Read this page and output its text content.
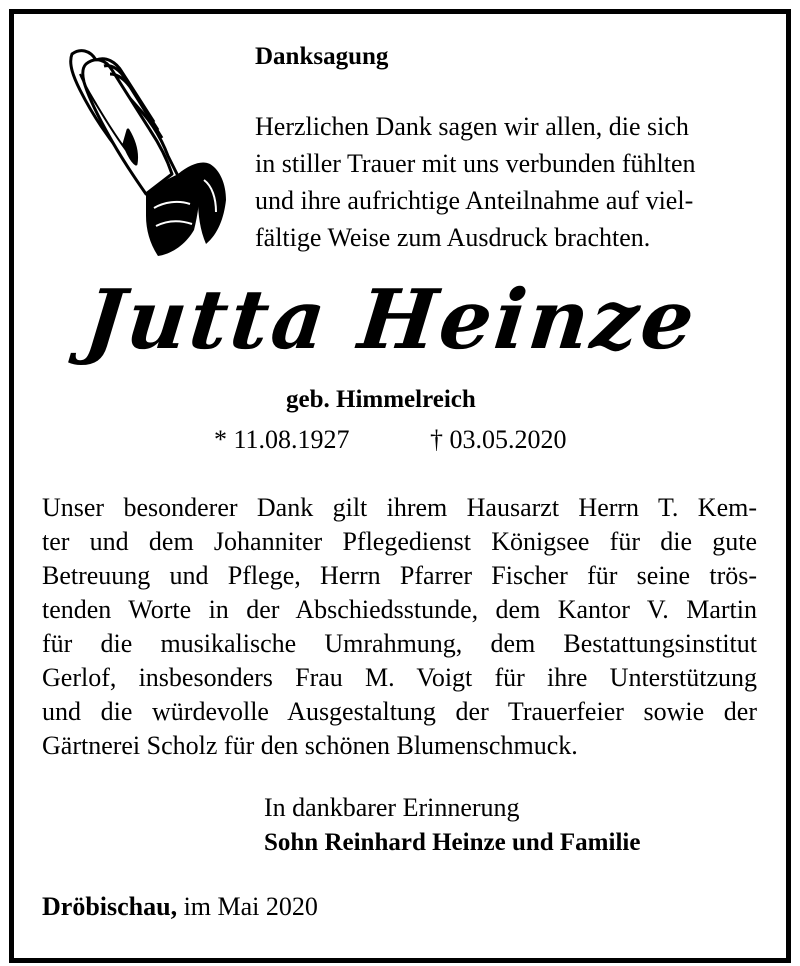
Danksagung
Herzlichen Dank sagen wir allen, die sich
in stiller Trauer mit uns verbunden fühlten
und ihre aufrichtige Anteilnahme auf viel-
fältige Weise zum Ausdruck brachten.
Jutta Heinze
geb. Himmelreich
* 11.08.1927	† 03.05.2020
Unser besonderer Dank gilt ihrem Hausarzt Herrn T. Kem-
ter und dem Johanniter Pflegedienst Königsee für die gute
Betreuung und Pflege, Herrn Pfarrer Fischer für seine trös-
tenden Worte in der Abschiedsstunde, dem Kantor V. Martin
für die musikalische Umrahmung, dem Bestattungsinstitut
Gerlof, insbesonders Frau M. Voigt für ihre Unterstützung
und die würdevolle Ausgestaltung der Trauerfeier sowie der
Gärtnerei Scholz für den schönen Blumenschmuck.
In dankbarer Erinnerung
Sohn Reinhard Heinze und Familie
Dröbischau, im Mai 2020
